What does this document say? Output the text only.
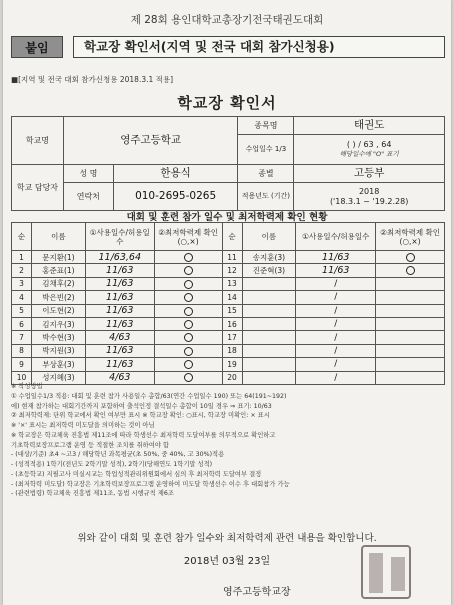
제 28회 용인대학교총장기전국태권도대회
붙임	학교장 확인서(지역 및 전국 대회 참가신청용)
■[지역 및 전국 대회 참가신청용 2018.3.1 적용]
학교장 확인서
학교명	영주고등학교		종목명	태권도
			수업일수 1/3	( ) / 63 , 64
해당일수에 "O" 표기

학교 담당자	성 명	한용식	종별	고등부
	연락처	010-2695-0265	적용년도 (기간)	2018
('18.3.1 ~ '19.2.28)
대회 및 훈련 참가 일수 및 최저학력제 확인 현황
순	이름	①사용일수/허용일수	②최저학력제 확인(○,×)	순	이름	①사용일수/허용일수	②최저학력제 확인(○,×)
1	문지환(1)	11/63,64		11	송지훈(3)	11/63	
2	홍준표(1)	11/63		12	진준혁(3)	11/63	
3	김채후(2)	11/63		13		/	
4	박은빈(2)	11/63		14		/	
5	이도현(2)	11/63		15		/	
6	김지우(3)	11/63		16		/	
7	박수현(3)	4/63		17		/	
8	박지원(3)	11/63		18		/	
9	부상훈(3)	11/63		19		/	
10	성지혜(3)	4/63		20		/	
※ 작성방법
① 수업일수1/3 적용: 대회 및 훈련 참가 사용일수 총합/63(연간 수업일수 190) 또는 64(191~192)
에) 현재 참가하는 대회기간까지 포함하여 출석인정 결석일수 총합이 10일 경우 ⇒ 표기: 10/63
② 최저학력제: 단위 학교에서 확인 여부만 표시 ※ 학교장 확인: ○표시, 학교장 미확인: × 표시
※ '×' 표시는 최저학력 미도달을 의미하는 것이 아님
※ 학교장은 학교체육 진흥법 제11조에 따라 학생선수 최저학력 도달여부를 의무적으로 확인하고
기초학력보장프로그램 운영 등 적절한 조치를 취하여야 함
- (대상/기준) 초4 ~고3 / 해당학년 과목평균(초 50%, 중 40%, 고 30%)적용
- (성적적용) 1학기(전년도 2학기말 성적), 2학기(당해연도 1학기말 성적)
- (초등학교) 지필고사 미실시교는 학업성적관리위원회에서 심의 후 최저학력 도달여부 결정
- (최저학력 미도달) 학교장은 기초학력보장프로그램 운영하여 미도달 학생선수 이수 후 대회참가 가능
- (관련법령) 학교체육 진흥법 제11조, 동법 시행규칙 제6조
위와 같이 대회 및 훈련 참가 일수와 최저학력제 관련 내용을 확인합니다.
2018년 03월 23일
영주고등학교장
